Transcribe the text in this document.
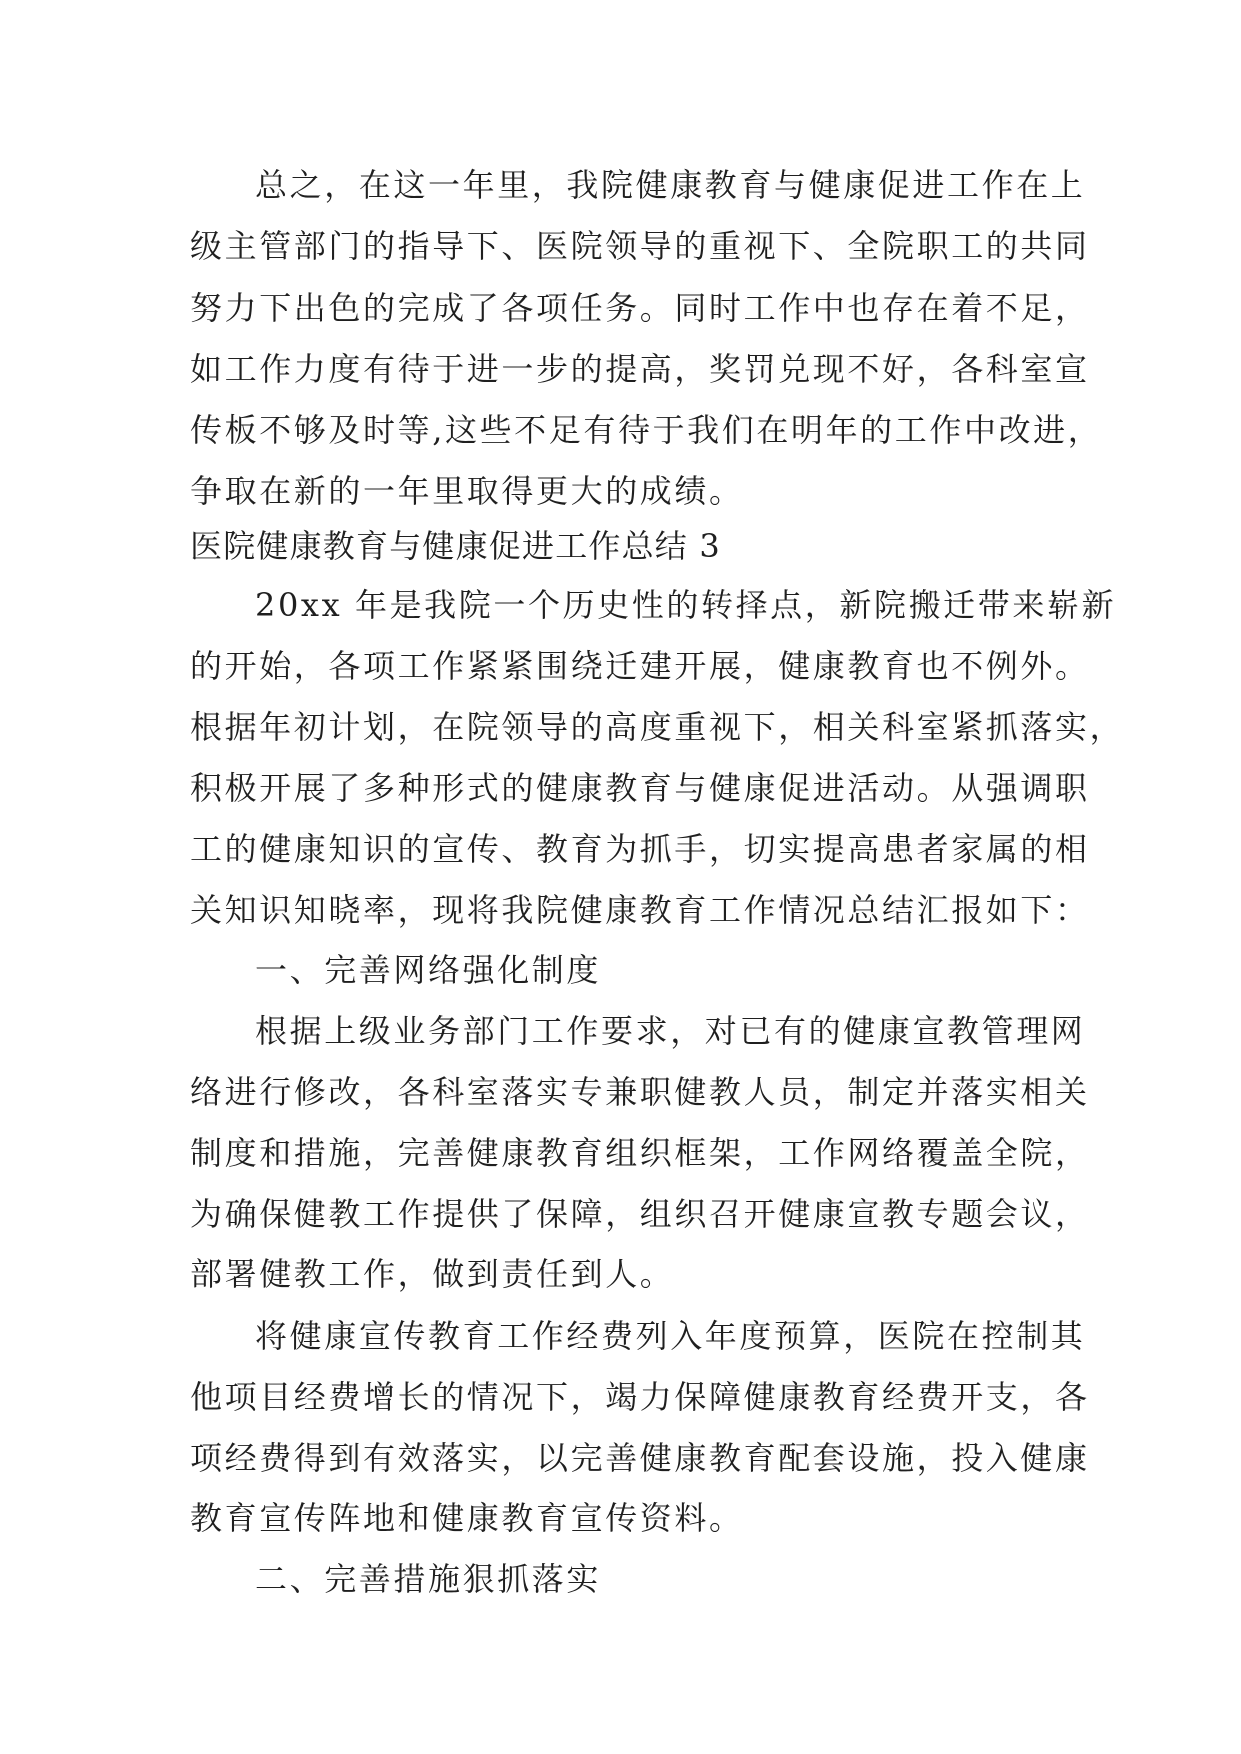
总之，在这一年里，我院健康教育与健康促进工作在上
级主管部门的指导下、医院领导的重视下、全院职工的共同
努力下出色的完成了各项任务。同时工作中也存在着不足，
如工作力度有待于进一步的提高，奖罚兑现不好，各科室宣
传板不够及时等,这些不足有待于我们在明年的工作中改进，
争取在新的一年里取得更大的成绩。
医院健康教育与健康促进工作总结 3
20xx 年是我院一个历史性的转择点，新院搬迁带来崭新
的开始，各项工作紧紧围绕迁建开展，健康教育也不例外。
根据年初计划，在院领导的高度重视下，相关科室紧抓落实，
积极开展了多种形式的健康教育与健康促进活动。从强调职
工的健康知识的宣传、教育为抓手，切实提高患者家属的相
关知识知晓率，现将我院健康教育工作情况总结汇报如下：
一、完善网络强化制度
根据上级业务部门工作要求，对已有的健康宣教管理网
络进行修改，各科室落实专兼职健教人员，制定并落实相关
制度和措施，完善健康教育组织框架，工作网络覆盖全院，
为确保健教工作提供了保障，组织召开健康宣教专题会议，
部署健教工作，做到责任到人。
将健康宣传教育工作经费列入年度预算，医院在控制其
他项目经费增长的情况下，竭力保障健康教育经费开支，各
项经费得到有效落实，以完善健康教育配套设施，投入健康
教育宣传阵地和健康教育宣传资料。
二、完善措施狠抓落实
